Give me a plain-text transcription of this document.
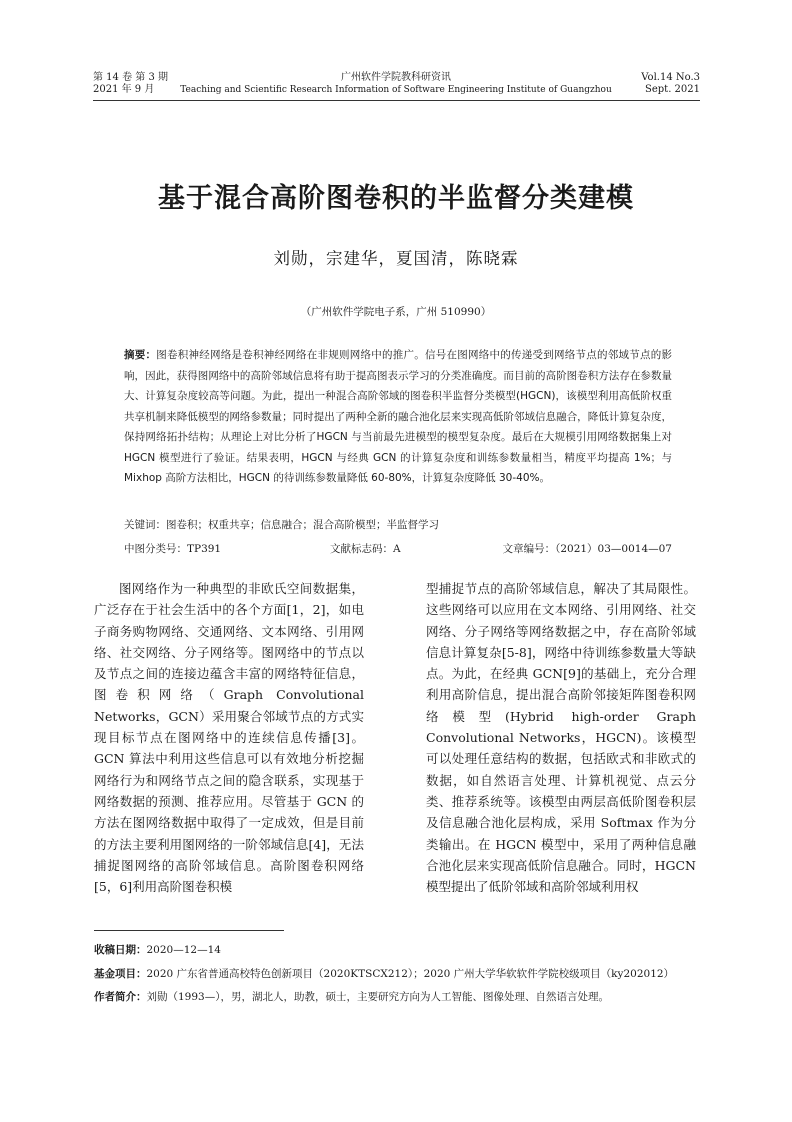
第 14 卷 第 3 期
2021 年 9 月
广州软件学院教科研资讯
Teaching and Scientific Research Information of Software Engineering Institute of Guangzhou
Vol.14 No.3
Sept. 2021
基于混合高阶图卷积的半监督分类建模
刘勋，宗建华，夏国清，陈晓霖
（广州软件学院电子系，广州 510990）
摘要：图卷积神经网络是卷积神经网络在非规则网络中的推广。信号在图网络中的传递受到网络节点的邻域节点的影响，因此，获得图网络中的高阶邻域信息将有助于提高图表示学习的分类准确度。而目前的高阶图卷积方法存在参数量大、计算复杂度较高等问题。为此，提出一种混合高阶邻域的图卷积半监督分类模型(HGCN)，该模型利用高低阶权重共享机制来降低模型的网络参数量；同时提出了两种全新的融合池化层来实现高低阶邻域信息融合，降低计算复杂度，保持网络拓扑结构；从理论上对比分析了HGCN 与当前最先进模型的模型复杂度。最后在大规模引用网络数据集上对 HGCN 模型进行了验证。结果表明，HGCN 与经典 GCN 的计算复杂度和训练参数量相当，精度平均提高 1%；与 Mixhop 高阶方法相比，HGCN 的待训练参数量降低 60-80%，计算复杂度降低 30-40%。
关键词：图卷积；权重共享；信息融合；混合高阶模型；半监督学习
中图分类号：TP391	文献标志码：A	文章编号：（2021）03—0014—07
图网络作为一种典型的非欧氏空间数据集，广泛存在于社会生活中的各个方面[1，2]，如电子商务购物网络、交通网络、文本网络、引用网络、社交网络、分子网络等。图网络中的节点以及节点之间的连接边蕴含丰富的网络特征信息，图卷积网络（Graph Convolutional Networks，GCN）采用聚合邻域节点的方式实现目标节点在图网络中的连续信息传播[3]。GCN 算法中利用这些信息可以有效地分析挖掘网络行为和网络节点之间的隐含联系，实现基于网络数据的预测、推荐应用。尽管基于 GCN 的方法在图网络数据中取得了一定成效，但是目前的方法主要利用图网络的一阶邻域信息[4]，无法捕捉图网络的高阶邻域信息。高阶图卷积网络[5，6]利用高阶图卷积模
型捕捉节点的高阶邻域信息，解决了其局限性。这些网络可以应用在文本网络、引用网络、社交网络、分子网络等网络数据之中，存在高阶邻域信息计算复杂[5-8]，网络中待训练参数量大等缺点。为此，在经典 GCN[9]的基础上，充分合理利用高阶信息，提出混合高阶邻接矩阵图卷积网络模型(Hybrid high-order Graph Convolutional Networks，HGCN)。该模型可以处理任意结构的数据，包括欧式和非欧式的数据，如自然语言处理、计算机视觉、点云分类、推荐系统等。该模型由两层高低阶图卷积层及信息融合池化层构成，采用 Softmax 作为分类输出。在 HGCN 模型中，采用了两种信息融合池化层来实现高低阶信息融合。同时，HGCN 模型提出了低阶邻域和高阶邻域利用权
收稿日期：2020—12—14
基金项目：2020 广东省普通高校特色创新项目（2020KTSCX212）；2020 广州大学华软软件学院校级项目（ky202012）
作者简介：刘勋（1993—），男，湖北人，助教，硕士，主要研究方向为人工智能、图像处理、自然语言处理。
